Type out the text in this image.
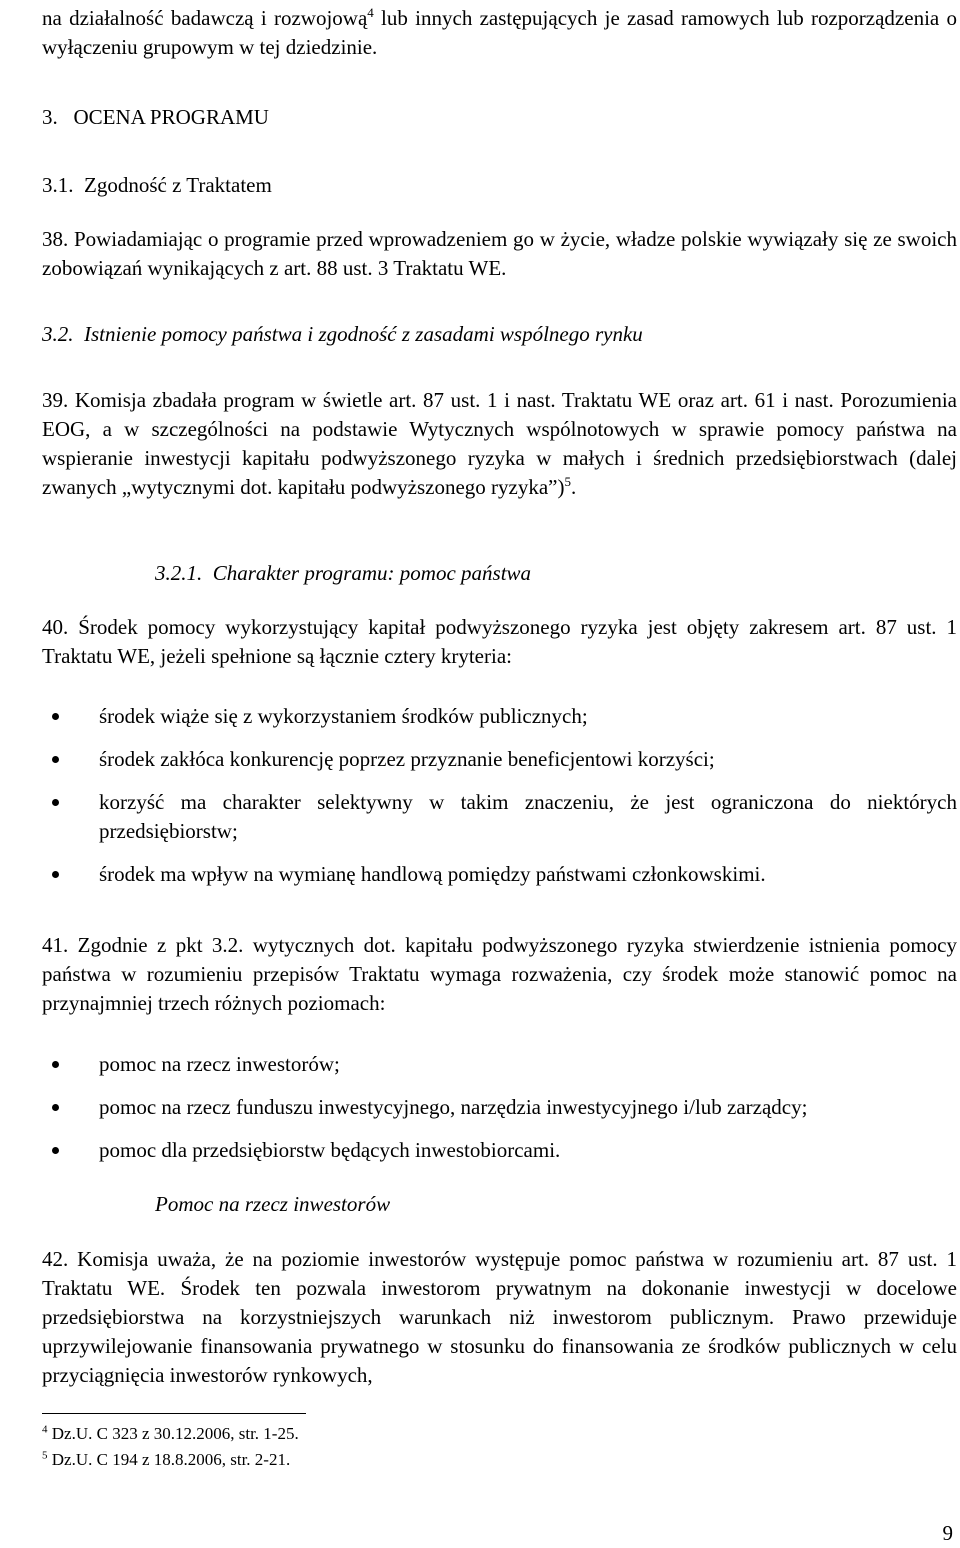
na działalność badawczą i rozwojową$^4$ lub innych zastępujących je zasad ramowych lub rozporządzenia o wyłączeniu grupowym w tej dziedzinie.
3.   OCENA PROGRAMU
3.1.  Zgodność z Traktatem
38. Powiadamiając o programie przed wprowadzeniem go w życie, władze polskie wywiązały się ze swoich zobowiązań wynikających z art. 88 ust. 3 Traktatu WE.
3.2.  Istnienie pomocy państwa i zgodność z zasadami wspólnego rynku
39. Komisja zbadała program w świetle art. 87 ust. 1 i nast. Traktatu WE oraz art. 61 i nast. Porozumienia EOG, a w szczególności na podstawie Wytycznych wspólnotowych w sprawie pomocy państwa na wspieranie inwestycji kapitału podwyższonego ryzyka w małych i średnich przedsiębiorstwach (dalej zwanych „wytycznymi dot. kapitału podwyższonego ryzyka”)$^5$.
3.2.1.  Charakter programu: pomoc państwa
40. Środek pomocy wykorzystujący kapitał podwyższonego ryzyka jest objęty zakresem art. 87 ust. 1 Traktatu WE, jeżeli spełnione są łącznie cztery kryteria:
środek wiąże się z wykorzystaniem środków publicznych;
środek zakłóca konkurencję poprzez przyznanie beneficjentowi korzyści;
korzyść ma charakter selektywny w takim znaczeniu, że jest ograniczona do niektórych przedsiębiorstw;
środek ma wpływ na wymianę handlową pomiędzy państwami członkowskimi.
41. Zgodnie z pkt 3.2. wytycznych dot. kapitału podwyższonego ryzyka stwierdzenie istnienia pomocy państwa w rozumieniu przepisów Traktatu wymaga rozważenia, czy środek może stanowić pomoc na przynajmniej trzech różnych poziomach:
pomoc na rzecz inwestorów;
pomoc na rzecz funduszu inwestycyjnego, narzędzia inwestycyjnego i/lub zarządcy;
pomoc dla przedsiębiorstw będących inwestobiorcami.
Pomoc na rzecz inwestorów
42. Komisja uważa, że na poziomie inwestorów występuje pomoc państwa w rozumieniu art. 87 ust. 1 Traktatu WE. Środek ten pozwala inwestorom prywatnym na dokonanie inwestycji w docelowe przedsiębiorstwa na korzystniejszych warunkach niż inwestorom publicznym. Prawo przewiduje uprzywilejowanie finansowania prywatnego w stosunku do finansowania ze środków publicznych w celu przyciągnięcia inwestorów rynkowych,
$^4$ Dz.U. C 323 z 30.12.2006, str. 1-25.
$^5$ Dz.U. C 194 z 18.8.2006, str. 2-21.
9
